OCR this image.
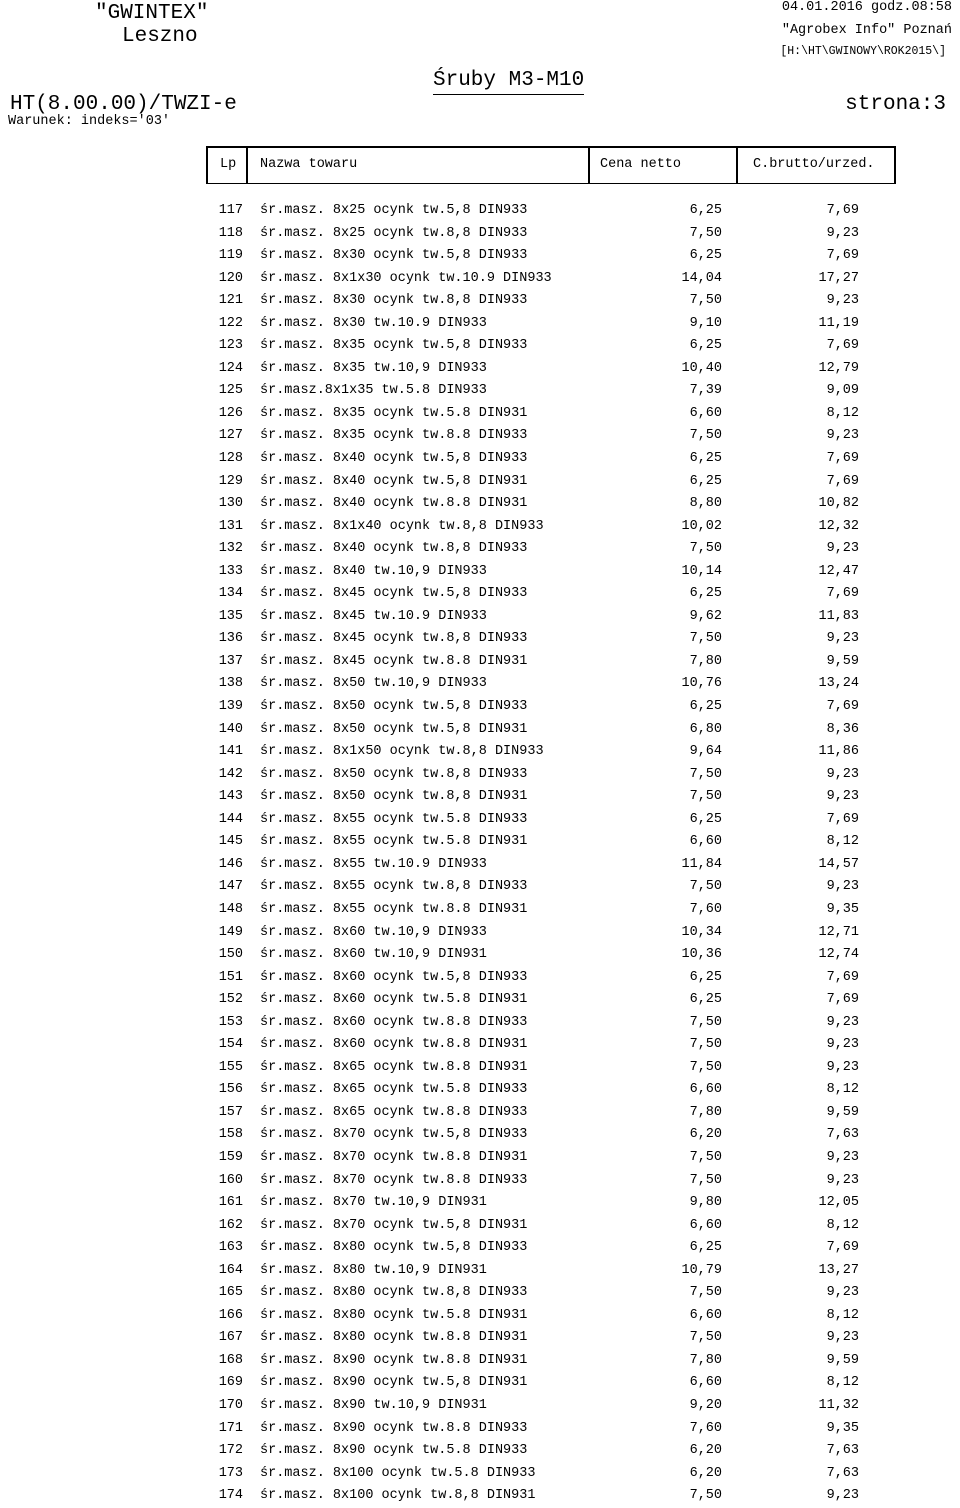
"GWINTEX"
Leszno
04.01.2016 godz.08:58
"Agrobex Info" Poznań
[H:\HT\GWINOWY\ROK2015\]
Śruby M3-M10
HT(8.00.00)/TWZI-e	strona:3
Warunek: indeks='03'
Lp Nazwa towaru	Cena netto	C.brutto/urzed.
117 śr.masz. 8x25 ocynk tw.5,8 DIN933	6,25	7,69
118 śr.masz. 8x25 ocynk tw.8,8 DIN933	7,50	9,23
119 śr.masz. 8x30 ocynk tw.5,8 DIN933	6,25	7,69
120 śr.masz. 8x1x30 ocynk tw.10.9 DIN933	14,04	17,27
121 śr.masz. 8x30 ocynk tw.8,8 DIN933	7,50	9,23
122 śr.masz. 8x30 tw.10.9 DIN933	9,10	11,19
123 śr.masz. 8x35 ocynk tw.5,8 DIN933	6,25	7,69
124 śr.masz. 8x35 tw.10,9 DIN933	10,40	12,79
125 śr.masz.8x1x35 tw.5.8 DIN933	7,39	9,09
126 śr.masz. 8x35 ocynk tw.5.8 DIN931	6,60	8,12
127 śr.masz. 8x35 ocynk tw.8.8 DIN933	7,50	9,23
128 śr.masz. 8x40 ocynk tw.5,8 DIN933	6,25	7,69
129 śr.masz. 8x40 ocynk tw.5,8 DIN931	6,25	7,69
130 śr.masz. 8x40 ocynk tw.8.8 DIN931	8,80	10,82
131 śr.masz. 8x1x40 ocynk tw.8,8 DIN933	10,02	12,32
132 śr.masz. 8x40 ocynk tw.8,8 DIN933	7,50	9,23
133 śr.masz. 8x40 tw.10,9 DIN933	10,14	12,47
134 śr.masz. 8x45 ocynk tw.5,8 DIN933	6,25	7,69
135 śr.masz. 8x45 tw.10.9 DIN933	9,62	11,83
136 śr.masz. 8x45 ocynk tw.8,8 DIN933	7,50	9,23
137 śr.masz. 8x45 ocynk tw.8.8 DIN931	7,80	9,59
138 śr.masz. 8x50 tw.10,9 DIN933	10,76	13,24
139 śr.masz. 8x50 ocynk tw.5,8 DIN933	6,25	7,69
140 śr.masz. 8x50 ocynk tw.5,8 DIN931	6,80	8,36
141 śr.masz. 8x1x50 ocynk tw.8,8 DIN933	9,64	11,86
142 śr.masz. 8x50 ocynk tw.8,8 DIN933	7,50	9,23
143 śr.masz. 8x50 ocynk tw.8,8 DIN931	7,50	9,23
144 śr.masz. 8x55 ocynk tw.5.8 DIN933	6,25	7,69
145 śr.masz. 8x55 ocynk tw.5.8 DIN931	6,60	8,12
146 śr.masz. 8x55 tw.10.9 DIN933	11,84	14,57
147 śr.masz. 8x55 ocynk tw.8,8 DIN933	7,50	9,23
148 śr.masz. 8x55 ocynk tw.8.8 DIN931	7,60	9,35
149 śr.masz. 8x60 tw.10,9 DIN933	10,34	12,71
150 śr.masz. 8x60 tw.10,9 DIN931	10,36	12,74
151 śr.masz. 8x60 ocynk tw.5,8 DIN933	6,25	7,69
152 śr.masz. 8x60 ocynk tw.5.8 DIN931	6,25	7,69
153 śr.masz. 8x60 ocynk tw.8.8 DIN933	7,50	9,23
154 śr.masz. 8x60 ocynk tw.8.8 DIN931	7,50	9,23
155 śr.masz. 8x65 ocynk tw.8.8 DIN931	7,50	9,23
156 śr.masz. 8x65 ocynk tw.5.8 DIN933	6,60	8,12
157 śr.masz. 8x65 ocynk tw.8.8 DIN933	7,80	9,59
158 śr.masz. 8x70 ocynk tw.5,8 DIN933	6,20	7,63
159 śr.masz. 8x70 ocynk tw.8.8 DIN931	7,50	9,23
160 śr.masz. 8x70 ocynk tw.8.8 DIN933	7,50	9,23
161 śr.masz. 8x70 tw.10,9 DIN931	9,80	12,05
162 śr.masz. 8x70 ocynk tw.5,8 DIN931	6,60	8,12
163 śr.masz. 8x80 ocynk tw.5,8 DIN933	6,25	7,69
164 śr.masz. 8x80 tw.10,9 DIN931	10,79	13,27
165 śr.masz. 8x80 ocynk tw.8,8 DIN933	7,50	9,23
166 śr.masz. 8x80 ocynk tw.5.8 DIN931	6,60	8,12
167 śr.masz. 8x80 ocynk tw.8.8 DIN931	7,50	9,23
168 śr.masz. 8x90 ocynk tw.8.8 DIN931	7,80	9,59
169 śr.masz. 8x90 ocynk tw.5,8 DIN931	6,60	8,12
170 śr.masz. 8x90 tw.10,9 DIN931	9,20	11,32
171 śr.masz. 8x90 ocynk tw.8.8 DIN933	7,60	9,35
172 śr.masz. 8x90 ocynk tw.5.8 DIN933	6,20	7,63
173 śr.masz. 8x100 ocynk tw.5.8 DIN933	6,20	7,63
174 śr.masz. 8x100 ocynk tw.8,8 DIN931	7,50	9,23
